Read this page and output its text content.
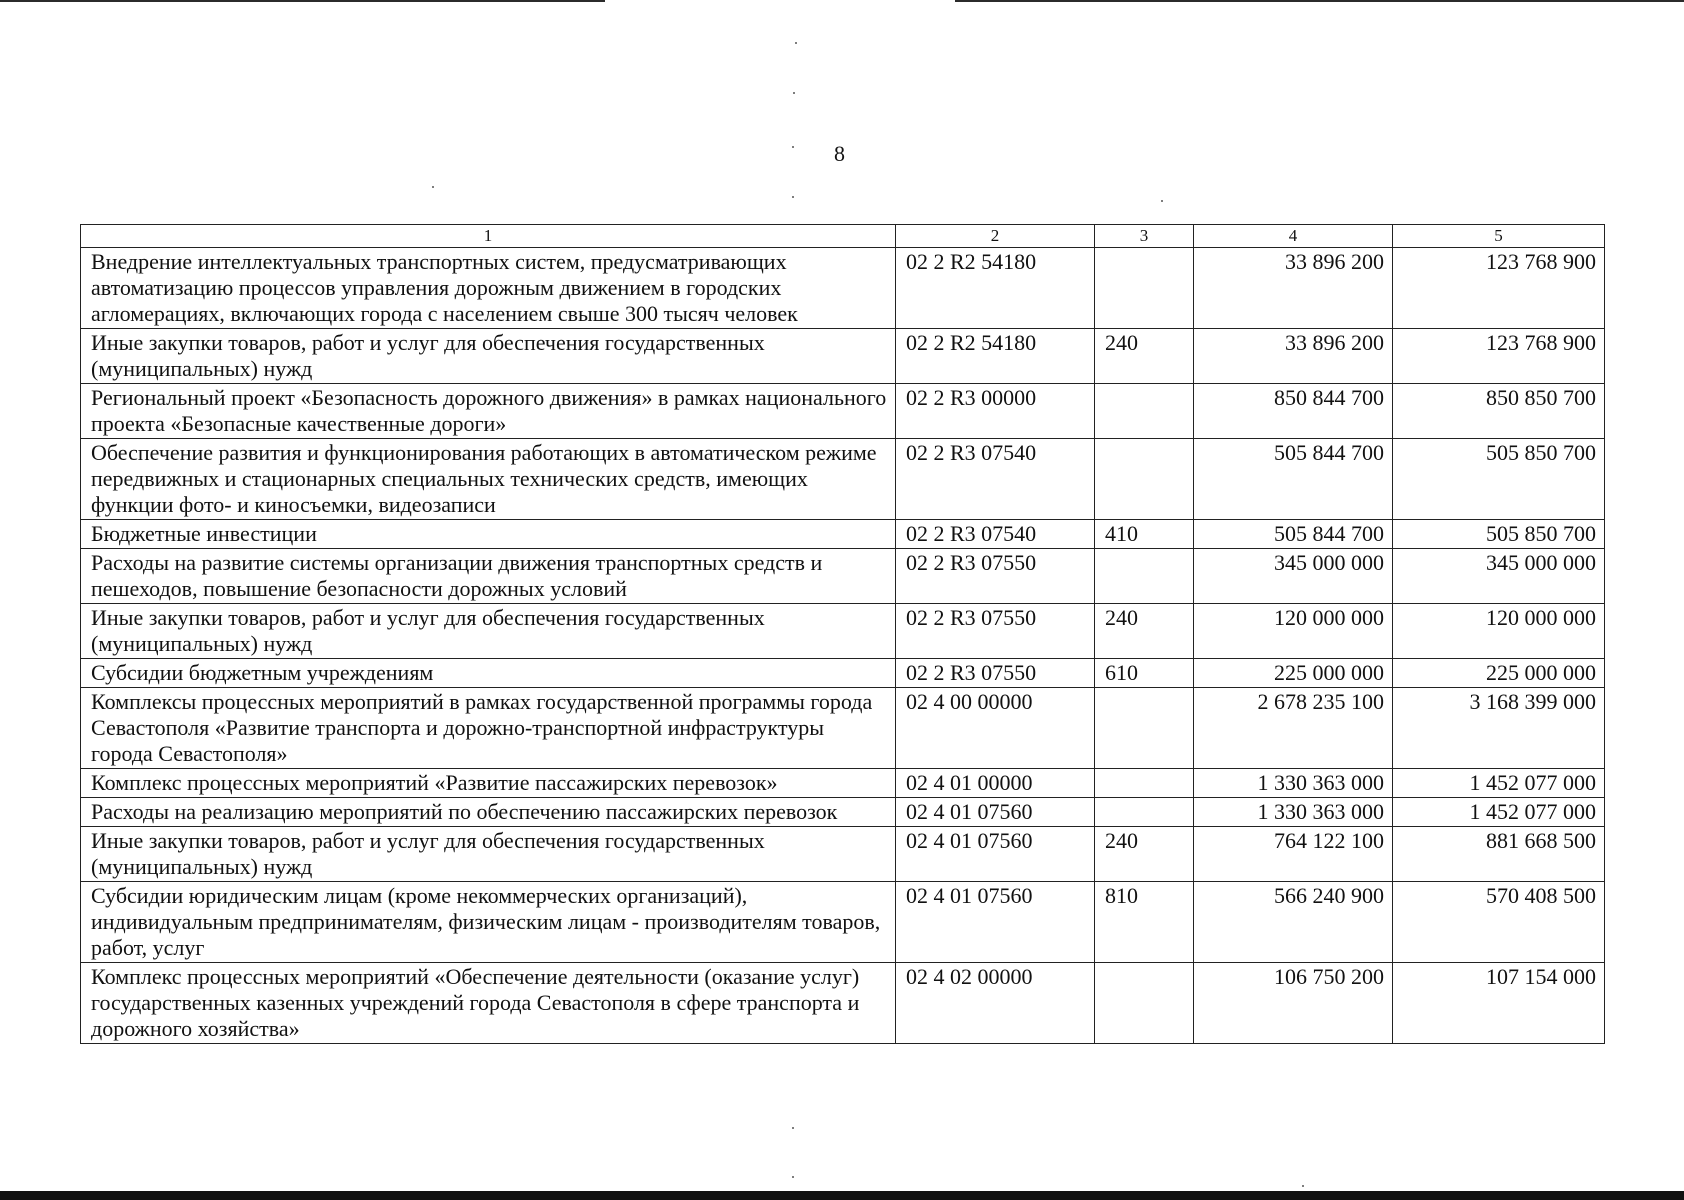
8
1	2	3	4	5
Внедрение интеллектуальных транспортных систем, предусматривающих автоматизацию процессов управления дорожным движением в городских агломерациях, включающих города с населением свыше 300 тысяч человек	02 2 R2 54180		33 896 200	123 768 900
Иные закупки товаров, работ и услуг для обеспечения государственных (муниципальных) нужд	02 2 R2 54180	240	33 896 200	123 768 900
Региональный проект «Безопасность дорожного движения» в рамках национального проекта «Безопасные качественные дороги»	02 2 R3 00000		850 844 700	850 850 700
Обеспечение развития и функционирования работающих в автоматическом режиме передвижных и стационарных специальных технических средств, имеющих функции фото- и киносъемки, видеозаписи	02 2 R3 07540		505 844 700	505 850 700
Бюджетные инвестиции	02 2 R3 07540	410	505 844 700	505 850 700
Расходы на развитие системы организации движения транспортных средств и пешеходов, повышение безопасности дорожных условий	02 2 R3 07550		345 000 000	345 000 000
Иные закупки товаров, работ и услуг для обеспечения государственных (муниципальных) нужд	02 2 R3 07550	240	120 000 000	120 000 000
Субсидии бюджетным учреждениям	02 2 R3 07550	610	225 000 000	225 000 000
Комплексы процессных мероприятий в рамках государственной программы города Севастополя «Развитие транспорта и дорожно-транспортной инфраструктуры города Севастополя»	02 4 00 00000		2 678 235 100	3 168 399 000
Комплекс процессных мероприятий «Развитие пассажирских перевозок»	02 4 01 00000		1 330 363 000	1 452 077 000
Расходы на реализацию мероприятий по обеспечению пассажирских перевозок	02 4 01 07560		1 330 363 000	1 452 077 000
Иные закупки товаров, работ и услуг для обеспечения государственных (муниципальных) нужд	02 4 01 07560	240	764 122 100	881 668 500
Субсидии юридическим лицам (кроме некоммерческих организаций), индивидуальным предпринимателям, физическим лицам - производителям товаров, работ, услуг	02 4 01 07560	810	566 240 900	570 408 500
Комплекс процессных мероприятий «Обеспечение деятельности (оказание услуг) государственных казенных учреждений города Севастополя в сфере транспорта и дорожного хозяйства»	02 4 02 00000		106 750 200	107 154 000
